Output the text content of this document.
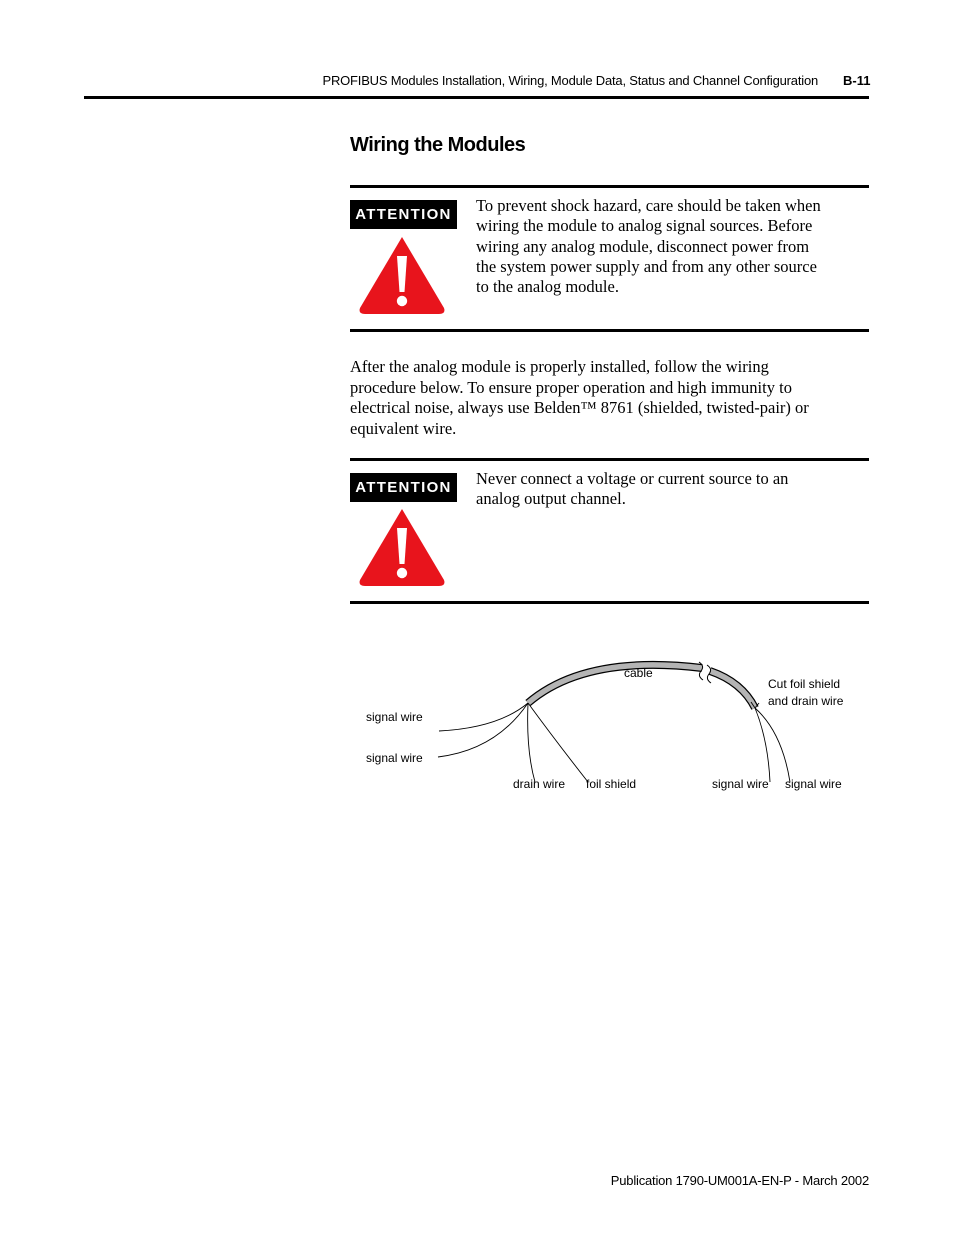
PROFIBUS Modules Installation, Wiring, Module Data, Status and Channel Configuration B-11
Wiring the Modules
ATTENTION	To prevent shock hazard, care should be taken when
wiring the module to analog signal sources. Before
wiring any analog module, disconnect power from
the system power supply and from any other source
to the analog module.
After the analog module is properly installed, follow the wiring
procedure below. To ensure proper operation and high immunity to
electrical noise, always use Belden™ 8761 (shielded, twisted-pair) or
equivalent wire.
ATTENTION	Never connect a voltage or current source to an
analog output channel.
cable
Cut foil shield
and drain wire
signal wire
signal wire
drain wire foil shield	signal wire signal wire
Publication 1790-UM001A-EN-P - March 2002
